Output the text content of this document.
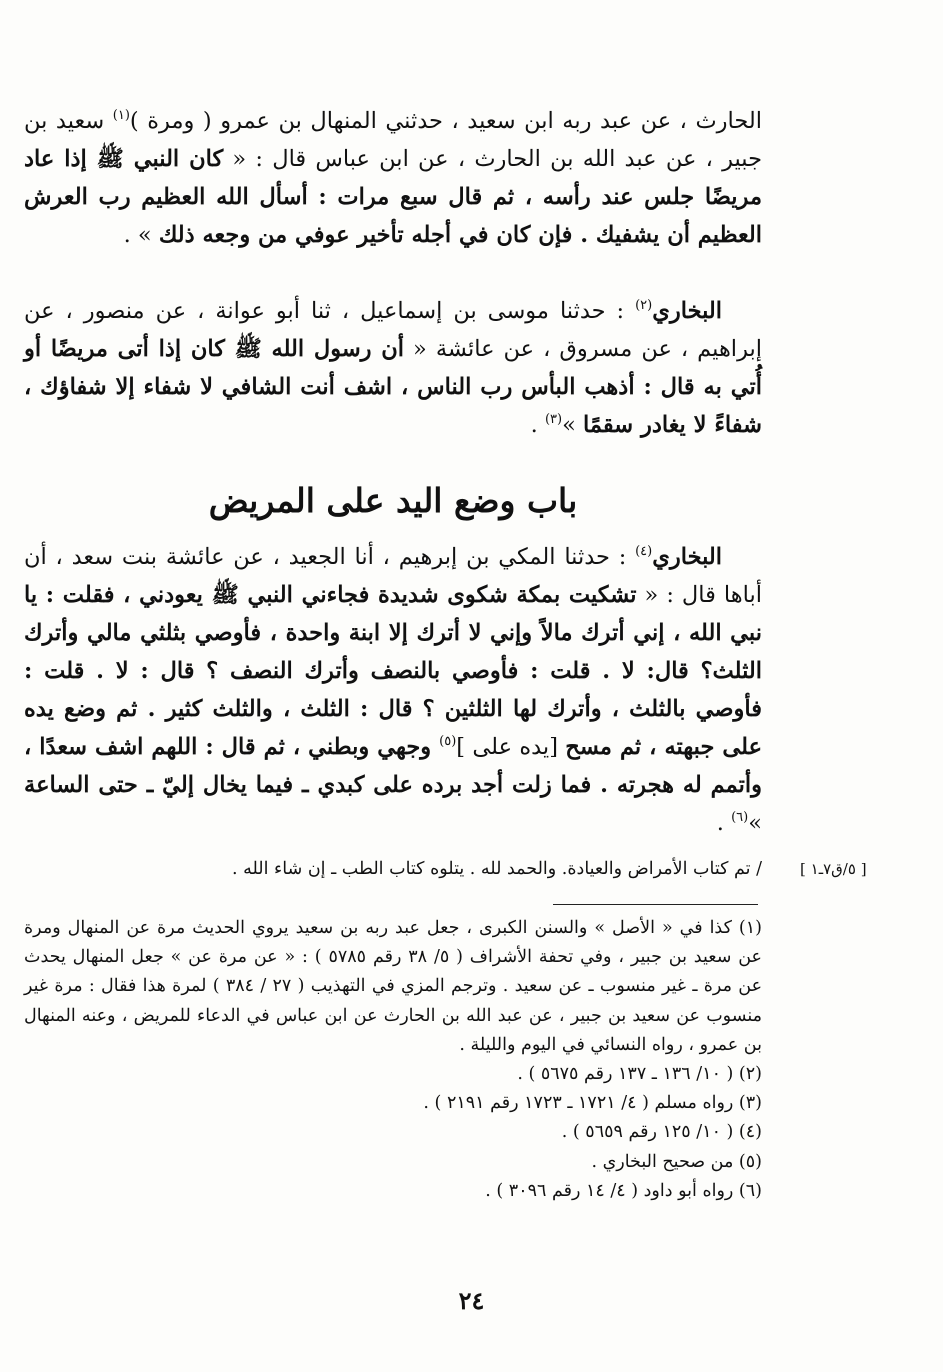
الحارث ، عن عبد ربه ابن سعيد ، حدثني المنهال بن عمرو ( ومرة )$^{(١)}$ سعيد بن جبير ، عن عبد الله بن الحارث ، عن ابن عباس قال : « كان النبي ﷺ إذا عاد مريضًا جلس عند رأسه ، ثم قال سبع مرات : أسأل الله العظيم رب العرش العظيم أن يشفيك . فإن كان في أجله تأخير عوفي من وجعه ذلك » .
البخاري$^{(٢)}$ : حدثنا موسى بن إسماعيل ، ثنا أبو عوانة ، عن منصور ، عن إبراهيم ، عن مسروق ، عن عائشة « أن رسول الله ﷺ كان إذا أتى مريضًا أو أُتي به قال : أذهب البأس رب الناس ، اشف أنت الشافي لا شفاء إلا شفاؤك ، شفاءً لا يغادر سقمًا »$^{(٣)}$ .
باب وضع اليد على المريض
البخاري$^{(٤)}$ : حدثنا المكي بن إبرهيم ، أنا الجعيد ، عن عائشة بنت سعد ، أن أباها قال : « تشكيت بمكة شكوى شديدة فجاءني النبي ﷺ يعودني ، فقلت : يا نبي الله ، إني أترك مالاً وإني لا أترك إلا ابنة واحدة ، فأوصي بثلثي مالي وأترك الثلث؟ قال: لا . قلت : فأوصي بالنصف وأترك النصف ؟ قال : لا . قلت : فأوصي بالثلث ، وأترك لها الثلثين ؟ قال : الثلث ، والثلث كثير . ثم وضع يده على جبهته ، ثم مسح [يده على ]$^{(٥)}$ وجهي وبطني ، ثم قال : اللهم اشف سعدًا ، وأتمم له هجرته . فما زلت أجد برده على كبدي ـ فيما يخال إليّ ـ حتى الساعة »$^{(٦)}$ .
/ تم كتاب الأمراض والعيادة. والحمد لله . يتلوه كتاب الطب ـ إن شاء الله .	[ ٥/ق٧ـ١ ]

(١) كذا في « الأصل » والسنن الكبرى ، جعل عبد ربه بن سعيد يروي الحديث مرة عن المنهال ومرة عن سعيد بن جبير ، وفي تحفة الأشراف ( ٥/ ٣٨ رقم ٥٧٨٥ ) : « عن مرة عن » جعل المنهال يحدث عن مرة ـ غير منسوب ـ عن سعيد . وترجم المزي في التهذيب ( ٢٧ / ٣٨٤ ) لمرة هذا فقال : مرة غير منسوب عن سعيد بن جبير ، عن عبد الله بن الحارث عن ابن عباس في الدعاء للمريض ، وعنه المنهال بن عمرو ، رواه النسائي في اليوم والليلة .

(٢) ( ١٠/ ١٣٦ ـ ١٣٧ رقم ٥٦٧٥ ) .

(٣) رواه مسلم ( ٤/ ١٧٢١ ـ ١٧٢٣ رقم ٢١٩١ ) .

(٤) ( ١٠/ ١٢٥ رقم ٥٦٥٩ ) .

(٥) من صحيح البخاري .

(٦) رواه أبو داود ( ٤/ ١٤ رقم ٣٠٩٦ ) .

٢٤
